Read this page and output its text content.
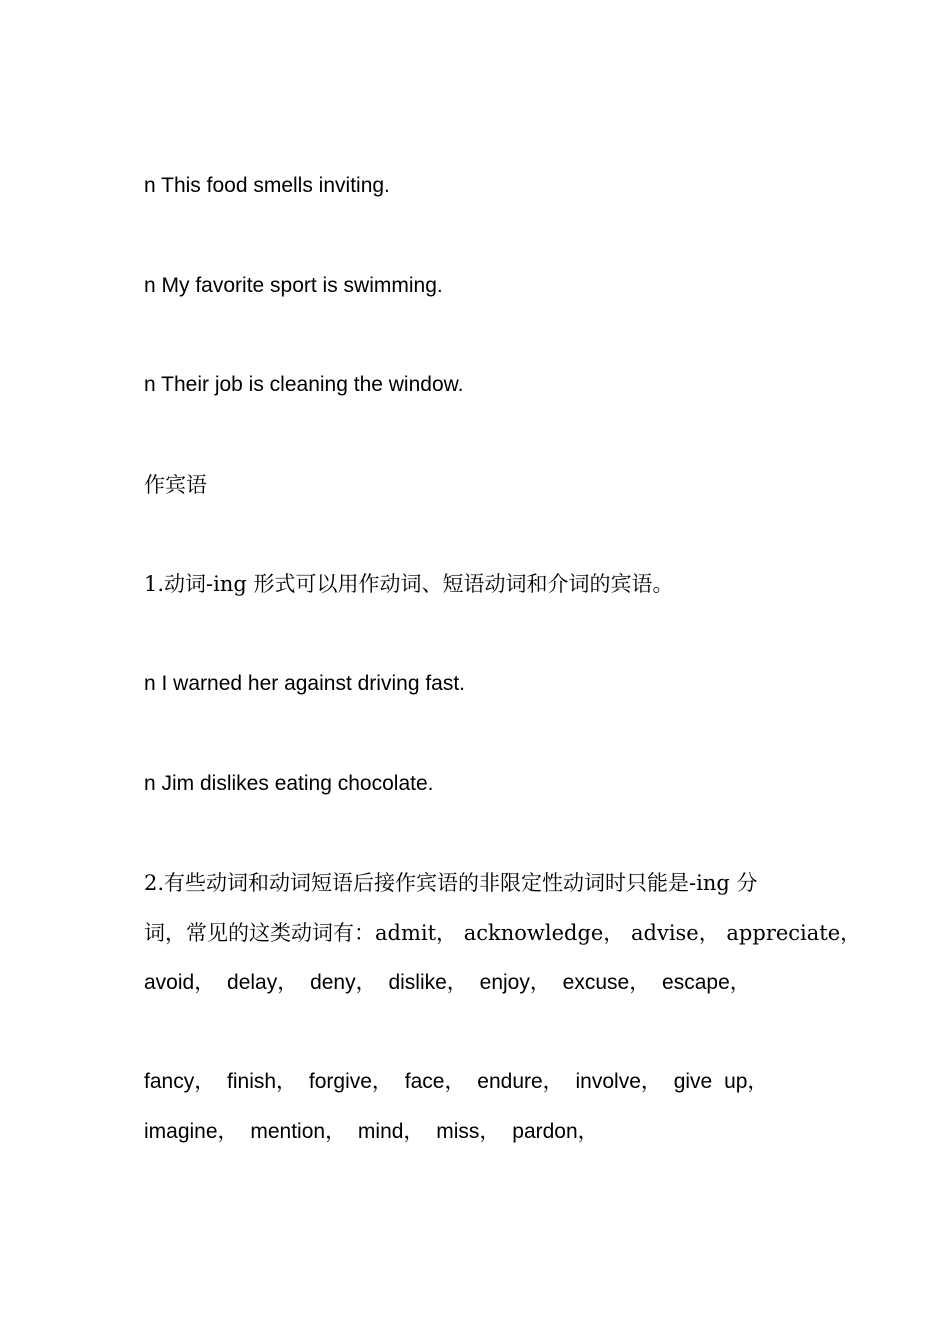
n This food smells inviting.
n My favorite sport is swimming.
n Their job is cleaning the window.
作宾语
1.动词-ing 形式可以用作动词、短语动词和介词的宾语。
n I warned her against driving fast.
n Jim dislikes eating chocolate.
2.有些动词和动词短语后接作宾语的非限定性动词时只能是-ing 分
词，常见的这类动词有：admit， acknowledge， advise， appreciate，
avoid， delay， deny， dislike， enjoy， excuse， escape，
fancy， finish， forgive， face， endure， involve， give up，
imagine， mention， mind， miss， pardon，
